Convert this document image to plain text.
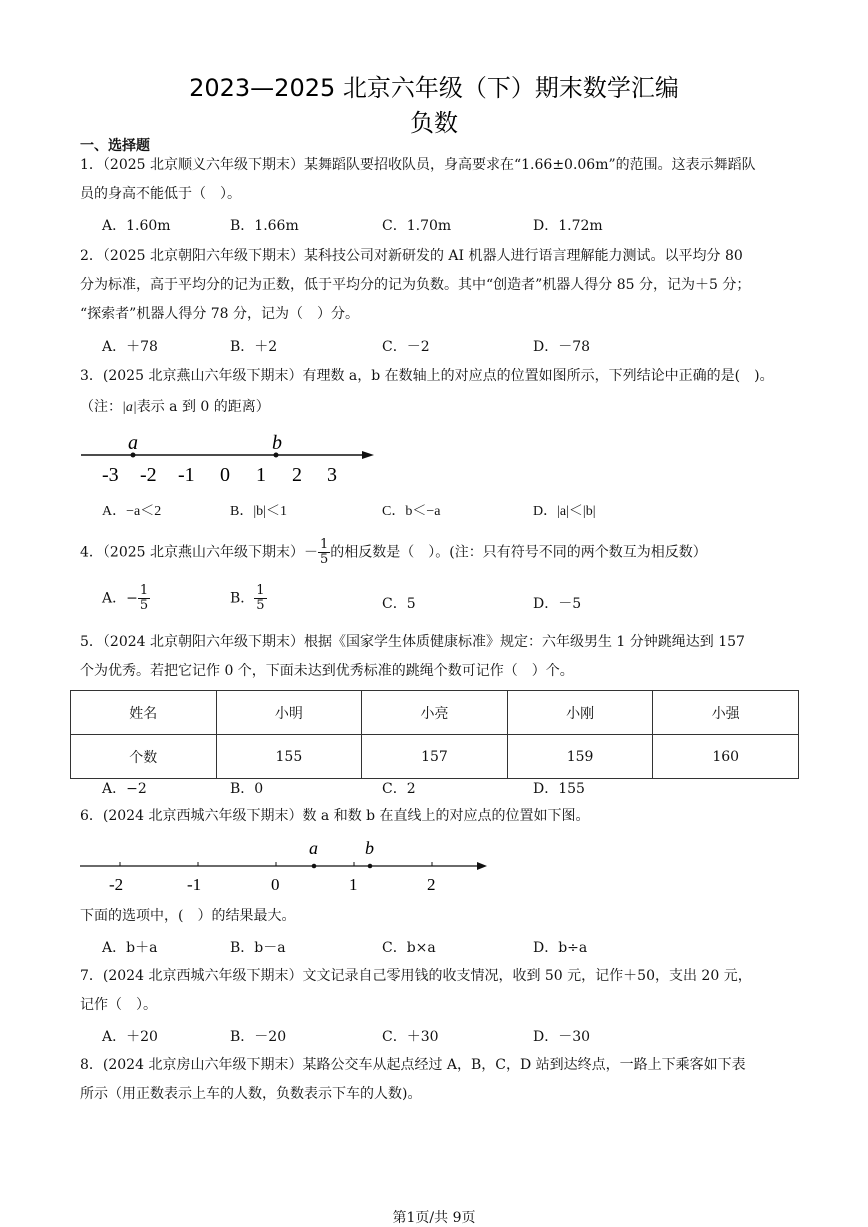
2023—2025 北京六年级（下）期末数学汇编
负数
一、选择题
1．（2025 北京顺义六年级下期末）某舞蹈队要招收队员，身高要求在“1.66±0.06m”的范围。这表示舞蹈队
员的身高不能低于（　）。
A．1.60m	B．1.66m	C．1.70m	D．1.72m
2．（2025 北京朝阳六年级下期末）某科技公司对新研发的 AI 机器人进行语言理解能力测试。以平均分 80
分为标准，高于平均分的记为正数，低于平均分的记为负数。其中“创造者”机器人得分 85 分，记为＋5 分；
“探索者”机器人得分 78 分，记为（　）分。
A．＋78	B．＋2	C．－2	D．－78
3．(2025 北京燕山六年级下期末）有理数 a，b 在数轴上的对应点的位置如图所示，下列结论中正确的是(　)。
（注：|a|表示 a 到 0 的距离）
a	b
-3 -2 -1 0 1 2 3
A．−a＜2	B．|b|＜1	C．b＜−a	D．|a|＜|b|
4．（2025 北京燕山六年级下期末）－ $\frac{1}{5}$ 的相反数是（　）。(注：只有符号不同的两个数互为相反数）
A．− $\frac{1}{5}$	B． $\frac{1}{5}$	C．5	D．－5
5．（2024 北京朝阳六年级下期末）根据《国家学生体质健康标准》规定：六年级男生 1 分钟跳绳达到 157
个为优秀。若把它记作 0 个，下面未达到优秀标准的跳绳个数可记作（　）个。
姓名	小明	小亮	小刚	小强
个数	155	157	159	160
A．−2	B．0	C．2	D．155
6．(2024 北京西城六年级下期末）数 a 和数 b 在直线上的对应点的位置如下图。
a	b
-2	-1	0	1	2
下面的选项中，(　）的结果最大。
A．b＋a	B．b－a	C．b×a	D．b÷a
7．(2024 北京西城六年级下期末）文文记录自己零用钱的收支情况，收到 50 元，记作＋50，支出 20 元，
记作（　）。
A．＋20	B．－20	C．＋30	D．－30
8．(2024 北京房山六年级下期末）某路公交车从起点经过 A，B，C，D 站到达终点，一路上下乘客如下表
所示（用正数表示上车的人数，负数表示下车的人数)。
第1页/共 9页
